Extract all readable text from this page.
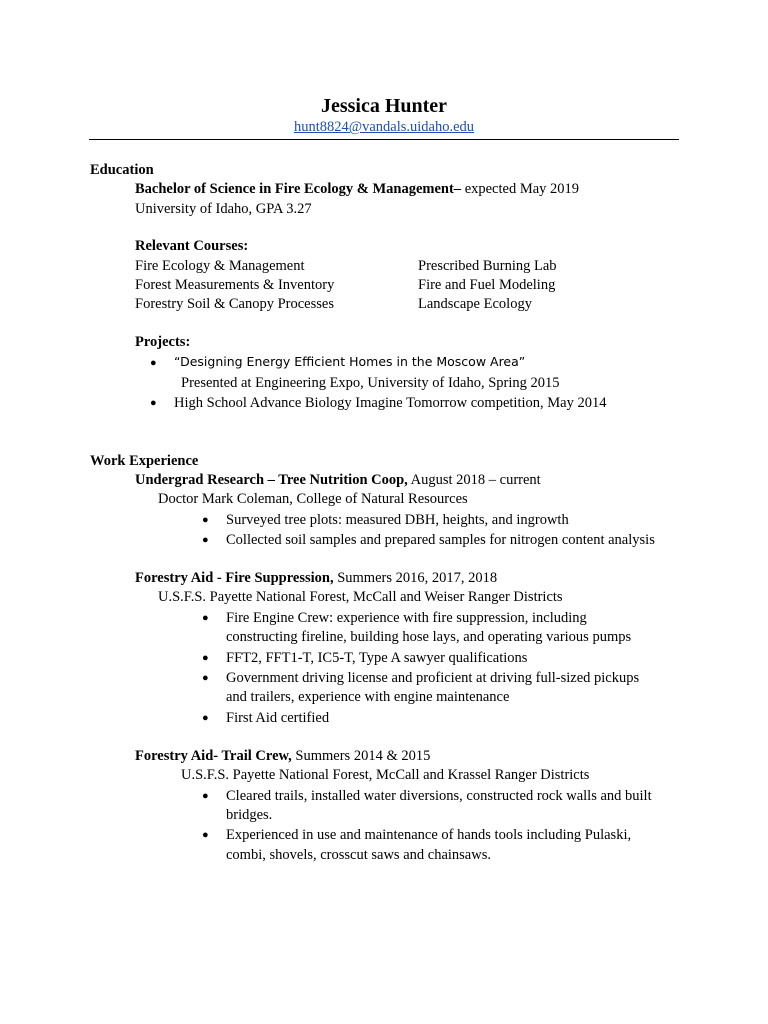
Jessica Hunter
hunt8824@vandals.uidaho.edu
Education
Bachelor of Science in Fire Ecology & Management– expected May 2019
University of Idaho, GPA 3.27
Relevant Courses:
Fire Ecology & Management
Forest Measurements & Inventory
Forestry Soil & Canopy Processes
Prescribed Burning Lab
Fire and Fuel Modeling
Landscape Ecology
Projects:
● “Designing Energy Efficient Homes in the Moscow Area”
Presented at Engineering Expo, University of Idaho, Spring 2015
● High School Advance Biology Imagine Tomorrow competition, May 2014
Work Experience
Undergrad Research – Tree Nutrition Coop, August 2018 – current
Doctor Mark Coleman, College of Natural Resources
● Surveyed tree plots: measured DBH, heights, and ingrowth
● Collected soil samples and prepared samples for nitrogen content analysis
Forestry Aid - Fire Suppression, Summers 2016, 2017, 2018
U.S.F.S. Payette National Forest, McCall and Weiser Ranger Districts
● Fire Engine Crew: experience with fire suppression, including
constructing fireline, building hose lays, and operating various pumps
● FFT2, FFT1-T, IC5-T, Type A sawyer qualifications
● Government driving license and proficient at driving full-sized pickups
and trailers, experience with engine maintenance
● First Aid certified
Forestry Aid- Trail Crew, Summers 2014 & 2015
U.S.F.S. Payette National Forest, McCall and Krassel Ranger Districts
● Cleared trails, installed water diversions, constructed rock walls and built
bridges.
● Experienced in use and maintenance of hands tools including Pulaski,
combi, shovels, crosscut saws and chainsaws.
